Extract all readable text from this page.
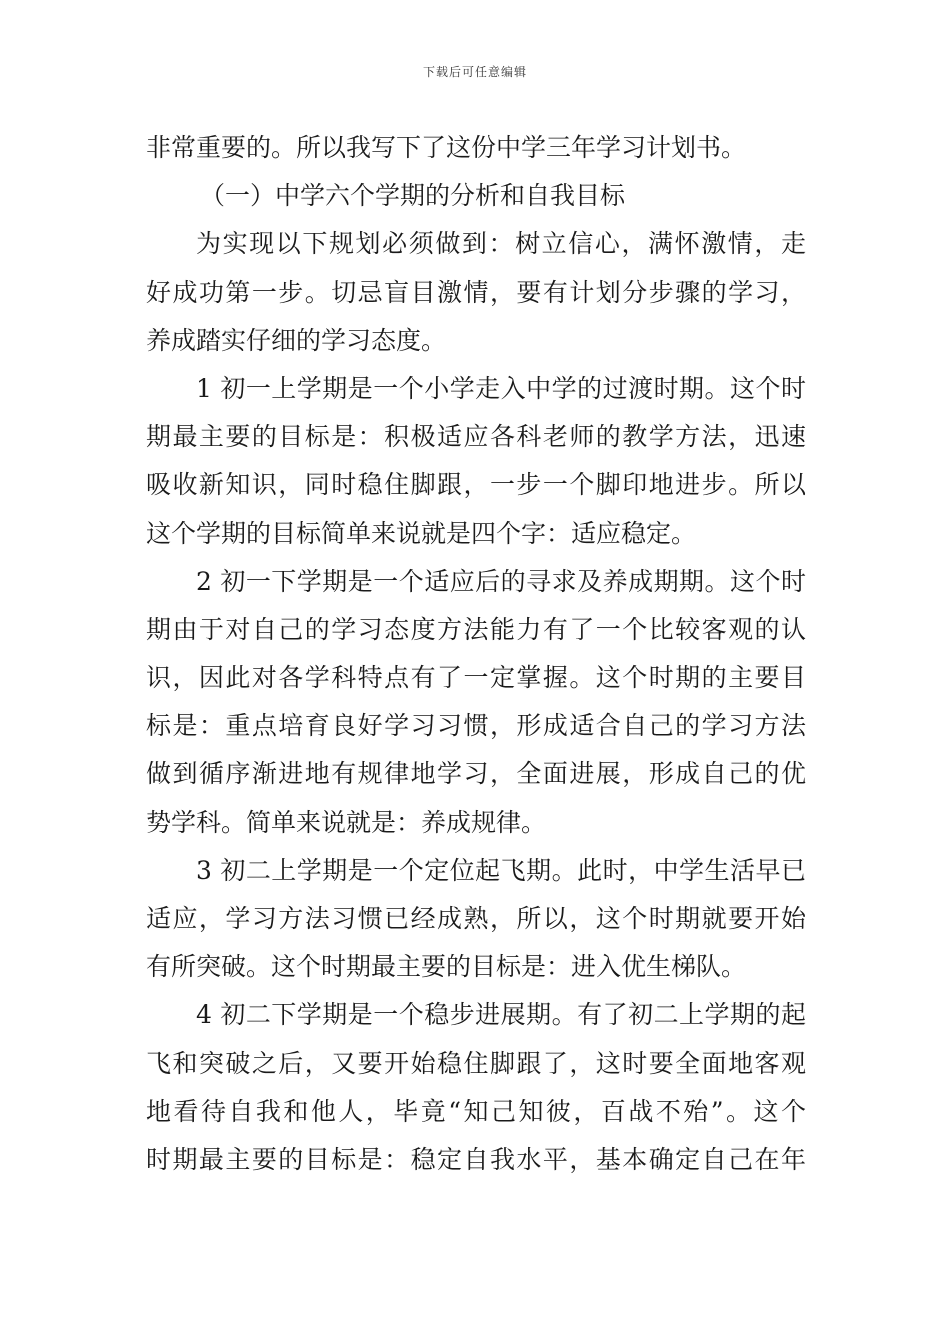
下载后可任意编辑
非常重要的。所以我写下了这份中学三年学习计划书。
（一）中学六个学期的分析和自我目标
为实现以下规划必须做到：树立信心，满怀激情，走
好成功第一步。切忌盲目激情，要有计划分步骤的学习，
养成踏实仔细的学习态度。
1 初一上学期是一个小学走入中学的过渡时期。这个时
期最主要的目标是：积极适应各科老师的教学方法，迅速
吸收新知识，同时稳住脚跟，一步一个脚印地进步。所以
这个学期的目标简单来说就是四个字：适应稳定。
2 初一下学期是一个适应后的寻求及养成期期。这个时
期由于对自己的学习态度方法能力有了一个比较客观的认
识，因此对各学科特点有了一定掌握。这个时期的主要目
标是：重点培育良好学习习惯，形成适合自己的学习方法
做到循序渐进地有规律地学习，全面进展，形成自己的优
势学科。简单来说就是：养成规律。
3 初二上学期是一个定位起飞期。此时，中学生活早已
适应，学习方法习惯已经成熟，所以，这个时期就要开始
有所突破。这个时期最主要的目标是：进入优生梯队。
4 初二下学期是一个稳步进展期。有了初二上学期的起
飞和突破之后，又要开始稳住脚跟了，这时要全面地客观
地看待自我和他人，毕竟“知己知彼，百战不殆”。这个
时期最主要的目标是：稳定自我水平，基本确定自己在年
